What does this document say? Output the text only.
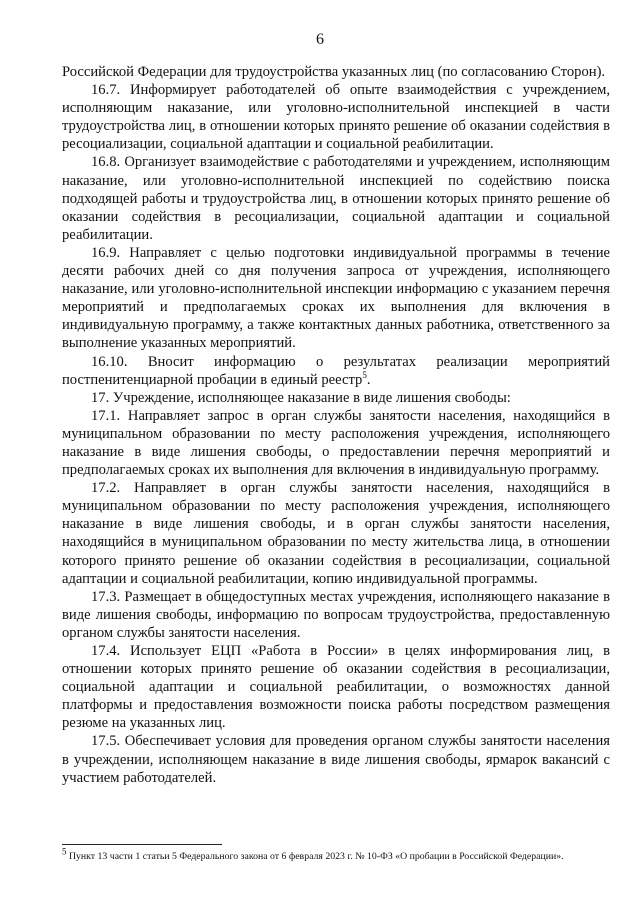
6

Российской Федерации для трудоустройства указанных лиц (по согласованию Сторон).

16.7. Информирует работодателей об опыте взаимодействия с учреждением, исполняющим наказание, или уголовно-исполнительной инспекцией в части трудоустройства лиц, в отношении которых принято решение об оказании содействия в ресоциализации, социальной адаптации и социальной реабилитации.

16.8. Организует взаимодействие с работодателями и учреждением, исполняющим наказание, или уголовно-исполнительной инспекцией по содействию поиска подходящей работы и трудоустройства лиц, в отношении которых принято решение об оказании содействия в ресоциализации, социальной адаптации и социальной реабилитации.

16.9. Направляет с целью подготовки индивидуальной программы в течение десяти рабочих дней со дня получения запроса от учреждения, исполняющего наказание, или уголовно-исполнительной инспекции информацию с указанием перечня мероприятий и предполагаемых сроках их выполнения для включения в индивидуальную программу, а также контактных данных работника, ответственного за выполнение указанных мероприятий.

16.10. Вносит информацию о результатах реализации мероприятий постпенитенциарной пробации в единый реестр$^5$.

17. Учреждение, исполняющее наказание в виде лишения свободы:

17.1. Направляет запрос в орган службы занятости населения, находящийся в муниципальном образовании по месту расположения учреждения, исполняющего наказание в виде лишения свободы, о предоставлении перечня мероприятий и предполагаемых сроках их выполнения для включения в индивидуальную программу.

17.2. Направляет в орган службы занятости населения, находящийся в муниципальном образовании по месту расположения учреждения, исполняющего наказание в виде лишения свободы, и в орган службы занятости населения, находящийся в муниципальном образовании по месту жительства лица, в отношении которого принято решение об оказании содействия в ресоциализации, социальной адаптации и социальной реабилитации, копию индивидуальной программы.

17.3. Размещает в общедоступных местах учреждения, исполняющего наказание в виде лишения свободы, информацию по вопросам трудоустройства, предоставленную органом службы занятости населения.

17.4. Использует ЕЦП «Работа в России» в целях информирования лиц, в отношении которых принято решение об оказании содействия в ресоциализации, социальной адаптации и социальной реабилитации, о возможностях данной платформы и предоставления возможности поиска работы посредством размещения резюме на указанных лиц.

17.5. Обеспечивает условия для проведения органом службы занятости населения в учреждении, исполняющем наказание в виде лишения свободы, ярмарок вакансий с участием работодателей.

$^5$ Пункт 13 части 1 статьи 5 Федерального закона от 6 февраля 2023 г. № 10-ФЗ «О пробации в Российской Федерации».
